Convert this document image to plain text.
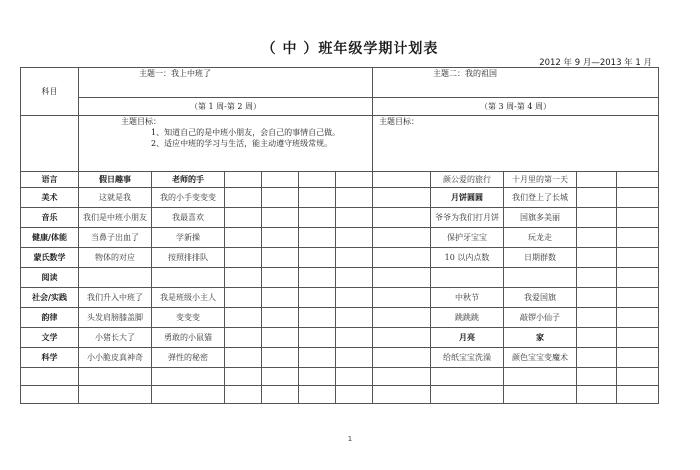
（ 中 ）班年级学期计划表
2012 年 9 月—2013 年 1 月
科目	主题一：我上中班了						主题二：我的祖国				
	（第 1 周-第 2 周）						（第 3 周-第 4 周）				

	主题目标：
1、知道自己的是中班小朋友，会自己的事情自己做。
2、适应中班的学习与生活，能主动遵守班级常规。						主题目标：				

语言	假日趣事	老师的手						颜公爱的旅行	十月里的第一天		
美术	这就是我	我的小手变变变						月饼圆圆	我们登上了长城		
音乐	我们是中班小朋友	我最喜欢						爷爷为我们打月饼	国旗多美丽		
健康/体能	当鼻子出血了	学新操						保护牙宝宝	玩龙走		
蒙氏数学	物体的对应	按照排排队						10 以内点数	日期群数		
阅读											
社会/实践	我们升入中班了	我是班级小主人						中秋节	我爱国旗		
韵律	头发肩膀膝盖脚	变变变						跳跳跳	敲锣小仙子		
文学	小猪长大了	勇敢的小鼠猫						月亮	家		
科学	小小脆皮真神奇	弹性的秘密						给纸宝宝洗澡	颜色宝宝变魔术		

1
